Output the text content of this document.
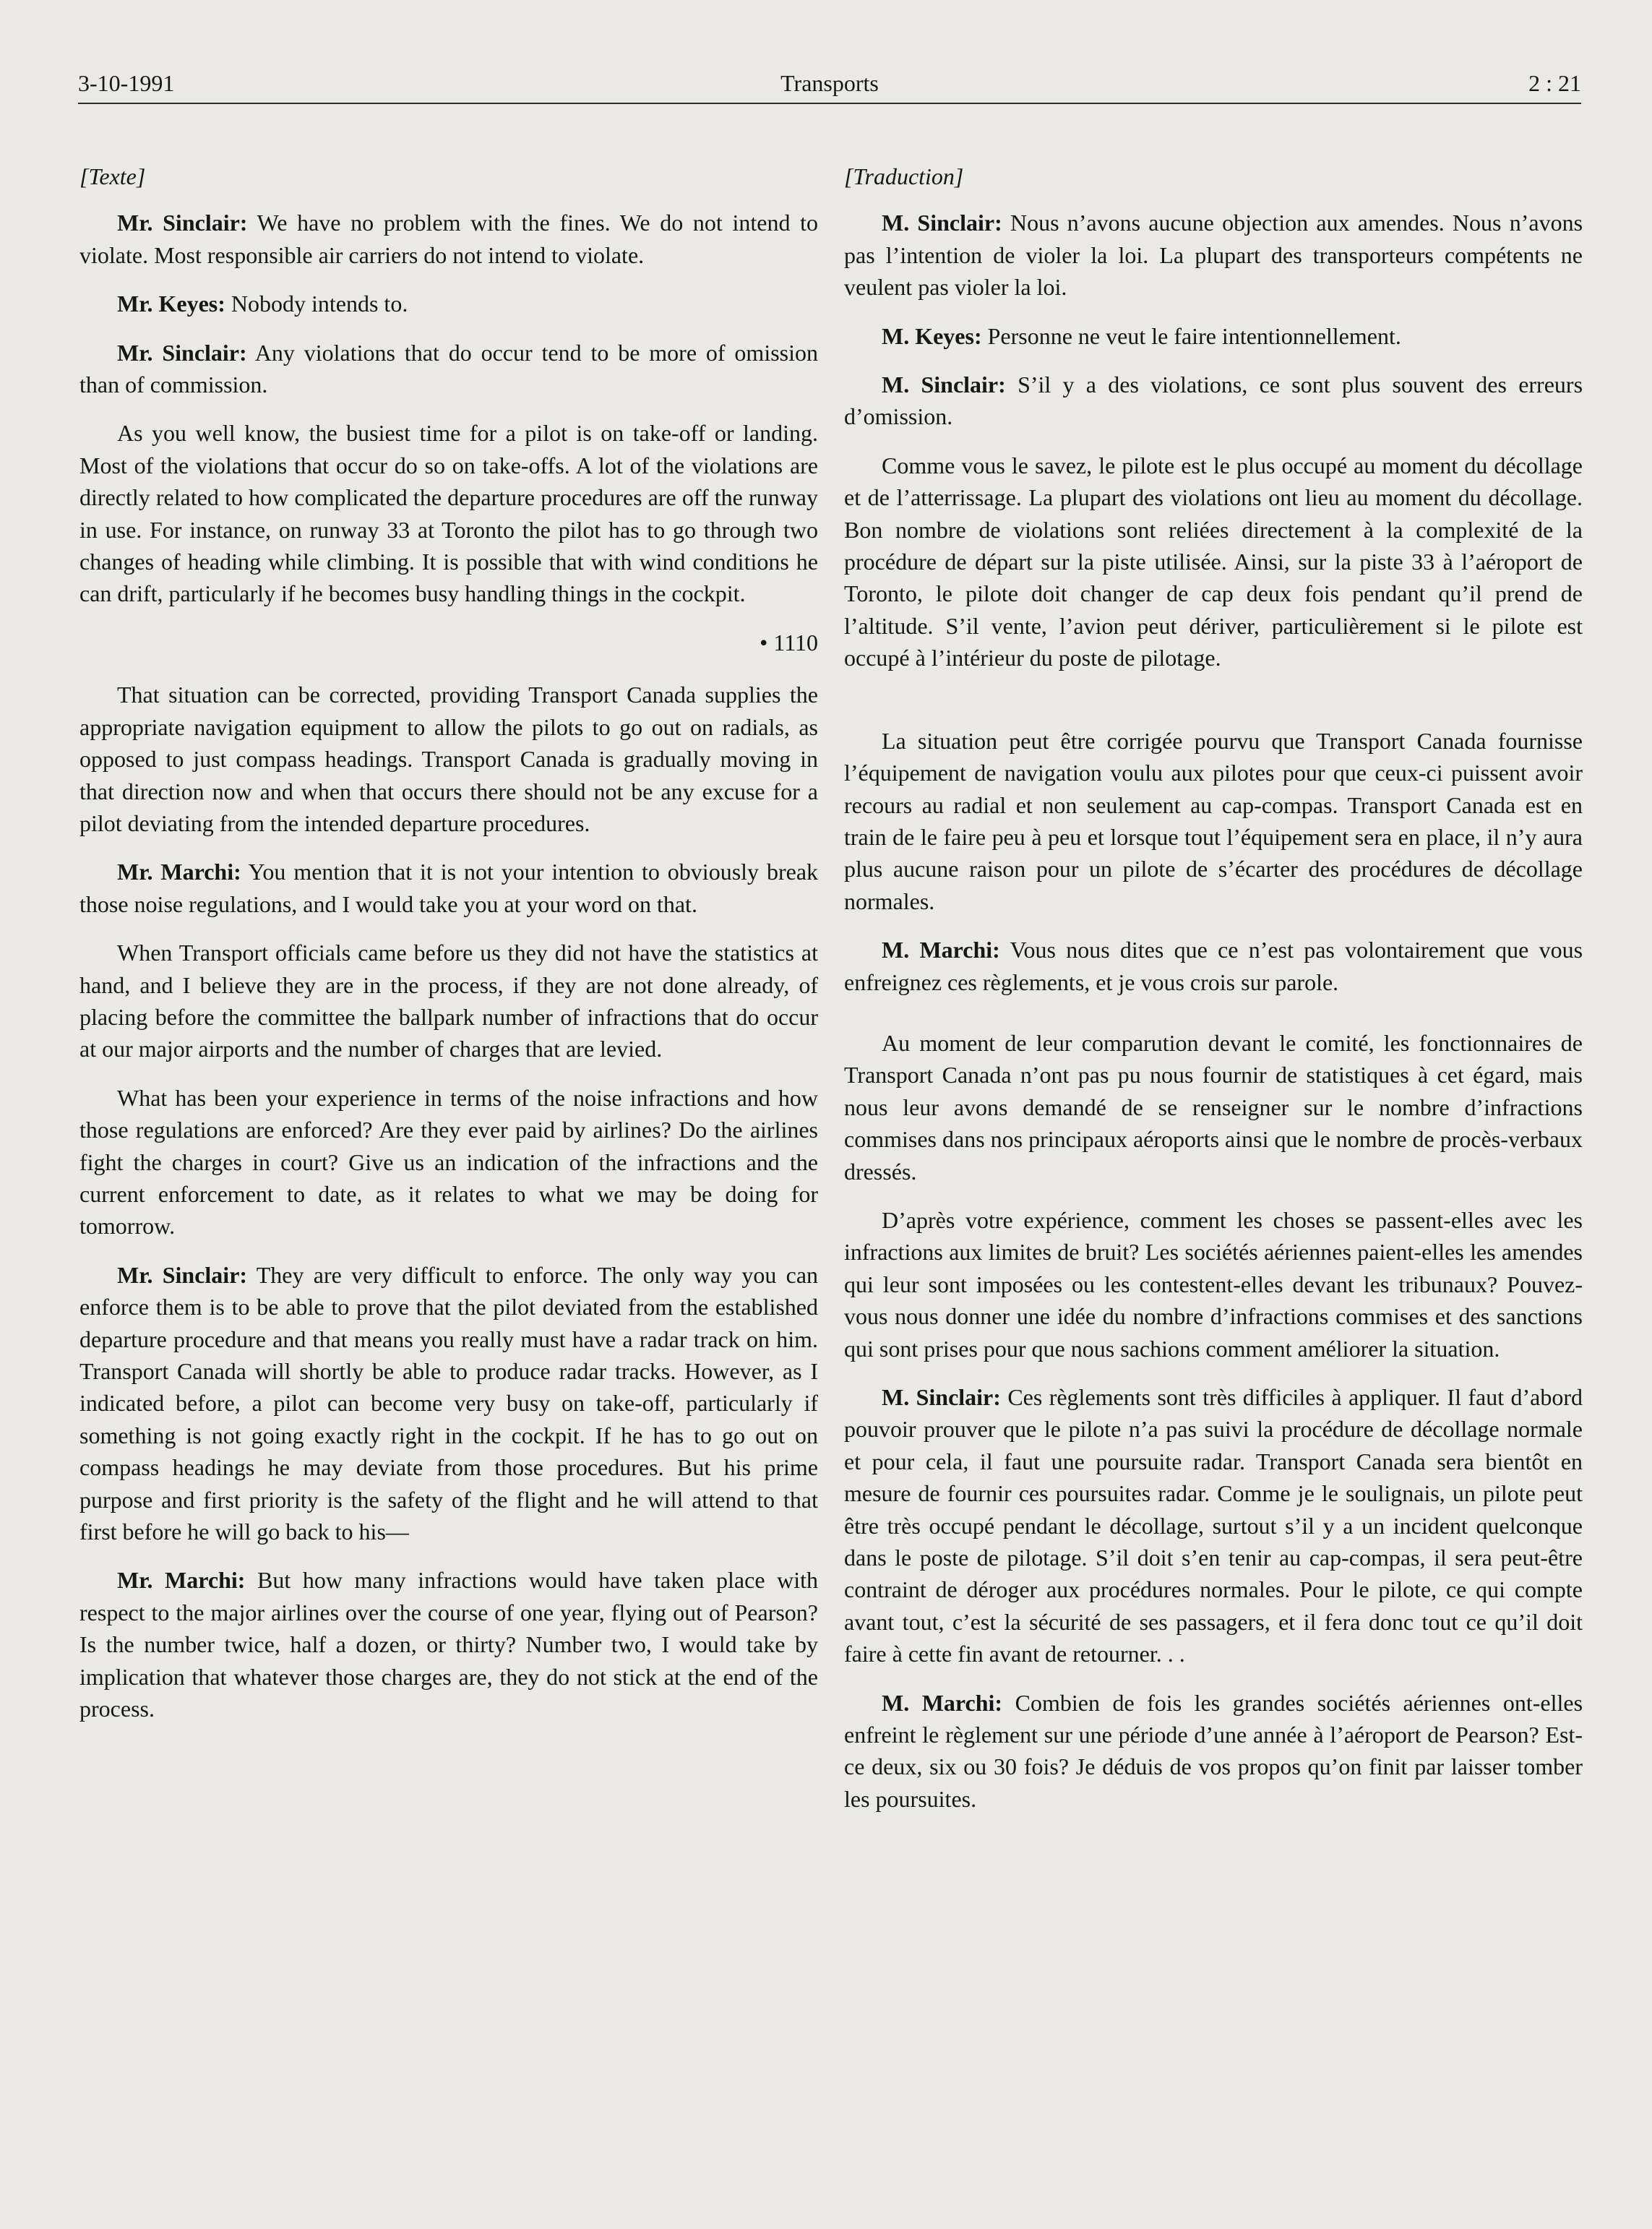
3-10-1991	Transports	2 : 21
[Texte]

Mr. Sinclair: We have no problem with the fines. We do not intend to violate. Most responsible air carriers do not intend to violate.

Mr. Keyes: Nobody intends to.

Mr. Sinclair: Any violations that do occur tend to be more of omission than of commission.

As you well know, the busiest time for a pilot is on take-off or landing. Most of the violations that occur do so on take-offs. A lot of the violations are directly related to how complicated the departure procedures are off the runway in use. For instance, on runway 33 at Toronto the pilot has to go through two changes of heading while climbing. It is possible that with wind conditions he can drift, particularly if he becomes busy handling things in the cockpit.

• 1110

That situation can be corrected, providing Transport Canada supplies the appropriate navigation equipment to allow the pilots to go out on radials, as opposed to just compass headings. Transport Canada is gradually moving in that direction now and when that occurs there should not be any excuse for a pilot deviating from the intended departure procedures.

Mr. Marchi: You mention that it is not your intention to obviously break those noise regulations, and I would take you at your word on that.

When Transport officials came before us they did not have the statistics at hand, and I believe they are in the process, if they are not done already, of placing before the committee the ballpark number of infractions that do occur at our major airports and the number of charges that are levied.

What has been your experience in terms of the noise infractions and how those regulations are enforced? Are they ever paid by airlines? Do the airlines fight the charges in court? Give us an indication of the infractions and the current enforcement to date, as it relates to what we may be doing for tomorrow.

Mr. Sinclair: They are very difficult to enforce. The only way you can enforce them is to be able to prove that the pilot deviated from the established departure procedure and that means you really must have a radar track on him. Transport Canada will shortly be able to produce radar tracks. However, as I indicated before, a pilot can become very busy on take-off, particularly if something is not going exactly right in the cockpit. If he has to go out on compass headings he may deviate from those procedures. But his prime purpose and first priority is the safety of the flight and he will attend to that first before he will go back to his—

Mr. Marchi: But how many infractions would have taken place with respect to the major airlines over the course of one year, flying out of Pearson? Is the number twice, half a dozen, or thirty? Number two, I would take by implication that whatever those charges are, they do not stick at the end of the process.

[Traduction]

M. Sinclair: Nous n’avons aucune objection aux amendes. Nous n’avons pas l’intention de violer la loi. La plupart des transporteurs compétents ne veulent pas violer la loi.

M. Keyes: Personne ne veut le faire intentionnellement.

M. Sinclair: S’il y a des violations, ce sont plus souvent des erreurs d’omission.

Comme vous le savez, le pilote est le plus occupé au moment du décollage et de l’atterrissage. La plupart des violations ont lieu au moment du décollage. Bon nombre de violations sont reliées directement à la complexité de la procédure de départ sur la piste utilisée. Ainsi, sur la piste 33 à l’aéroport de Toronto, le pilote doit changer de cap deux fois pendant qu’il prend de l’altitude. S’il vente, l’avion peut dériver, particulièrement si le pilote est occupé à l’intérieur du poste de pilotage.

La situation peut être corrigée pourvu que Transport Canada fournisse l’équipement de navigation voulu aux pilotes pour que ceux-ci puissent avoir recours au radial et non seulement au cap-compas. Transport Canada est en train de le faire peu à peu et lorsque tout l’équipement sera en place, il n’y aura plus aucune raison pour un pilote de s’écarter des procédures de décollage normales.

M. Marchi: Vous nous dites que ce n’est pas volontairement que vous enfreignez ces règlements, et je vous crois sur parole.

Au moment de leur comparution devant le comité, les fonctionnaires de Transport Canada n’ont pas pu nous fournir de statistiques à cet égard, mais nous leur avons demandé de se renseigner sur le nombre d’infractions commises dans nos principaux aéroports ainsi que le nombre de procès-verbaux dressés.

D’après votre expérience, comment les choses se passent-elles avec les infractions aux limites de bruit? Les sociétés aériennes paient-elles les amendes qui leur sont imposées ou les contestent-elles devant les tribunaux? Pouvez-vous nous donner une idée du nombre d’infractions commises et des sanctions qui sont prises pour que nous sachions comment améliorer la situation.

M. Sinclair: Ces règlements sont très difficiles à appliquer. Il faut d’abord pouvoir prouver que le pilote n’a pas suivi la procédure de décollage normale et pour cela, il faut une poursuite radar. Transport Canada sera bientôt en mesure de fournir ces poursuites radar. Comme je le soulignais, un pilote peut être très occupé pendant le décollage, surtout s’il y a un incident quelconque dans le poste de pilotage. S’il doit s’en tenir au cap-compas, il sera peut-être contraint de déroger aux procédures normales. Pour le pilote, ce qui compte avant tout, c’est la sécurité de ses passagers, et il fera donc tout ce qu’il doit faire à cette fin avant de retourner. . .

M. Marchi: Combien de fois les grandes sociétés aériennes ont-elles enfreint le règlement sur une période d’une année à l’aéroport de Pearson? Est-ce deux, six ou 30 fois? Je déduis de vos propos qu’on finit par laisser tomber les poursuites.
